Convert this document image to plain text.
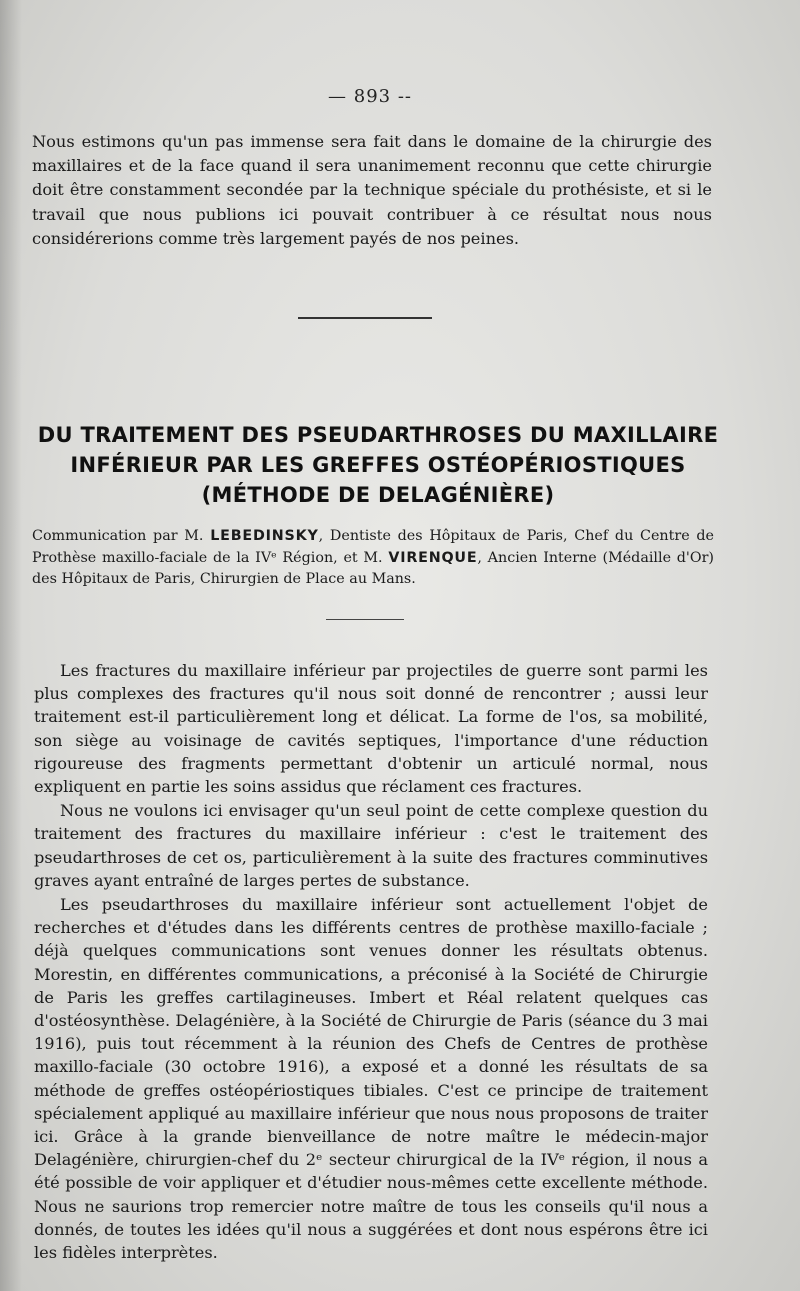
— 893 --

Nous estimons qu'un pas immense sera fait dans le domaine de la chirurgie des maxillaires et de la face quand il sera unanimement reconnu que cette chirurgie doit être constamment secondée par la technique spéciale du prothésiste, et si le travail que nous publions ici pouvait contribuer à ce résultat nous nous considérerions comme très largement payés de nos peines.

DU TRAITEMENT DES PSEUDARTHROSES DU MAXILLAIRE
INFÉRIEUR PAR LES GREFFES OSTÉOPÉRIOSTIQUES
(MÉTHODE DE DELAGÉNIÈRE)
Communication par M. LEBEDINSKY, Dentiste des Hôpitaux de Paris, Chef du Centre de Prothèse maxillo-faciale de la IVᵉ Région, et M. VIRENQUE, Ancien Interne (Médaille d'Or) des Hôpitaux de Paris, Chirurgien de Place au Mans.

Les fractures du maxillaire inférieur par projectiles de guerre sont parmi les plus complexes des fractures qu'il nous soit donné de rencontrer ; aussi leur traitement est-il particulièrement long et délicat. La forme de l'os, sa mobilité, son siège au voisinage de cavités septiques, l'importance d'une réduction rigoureuse des fragments permettant d'obtenir un articulé normal, nous expliquent en partie les soins assidus que réclament ces fractures.

Nous ne voulons ici envisager qu'un seul point de cette complexe question du traitement des fractures du maxillaire inférieur : c'est le traitement des pseudarthroses de cet os, particulièrement à la suite des fractures comminutives graves ayant entraîné de larges pertes de substance.

Les pseudarthroses du maxillaire inférieur sont actuellement l'objet de recherches et d'études dans les différents centres de prothèse maxillo-faciale ; déjà quelques communications sont venues donner les résultats obtenus. Morestin, en différentes communications, a préconisé à la Société de Chirurgie de Paris les greffes cartilagineuses. Imbert et Réal relatent quelques cas d'ostéosynthèse. Delagénière, à la Société de Chirurgie de Paris (séance du 3 mai 1916), puis tout récemment à la réunion des Chefs de Centres de prothèse maxillo-faciale (30 octobre 1916), a exposé et a donné les résultats de sa méthode de greffes ostéopériostiques tibiales. C'est ce principe de traitement spécialement appliqué au maxillaire inférieur que nous nous proposons de traiter ici. Grâce à la grande bienveillance de notre maître le médecin-major Delagénière, chirurgien-chef du 2ᵉ secteur chirurgical de la IVᵉ région, il nous a été possible de voir appliquer et d'étudier nous-mêmes cette excellente méthode. Nous ne saurions trop remercier notre maître de tous les conseils qu'il nous a donnés, de toutes les idées qu'il nous a suggérées et dont nous espérons être ici les fidèles interprètes.
